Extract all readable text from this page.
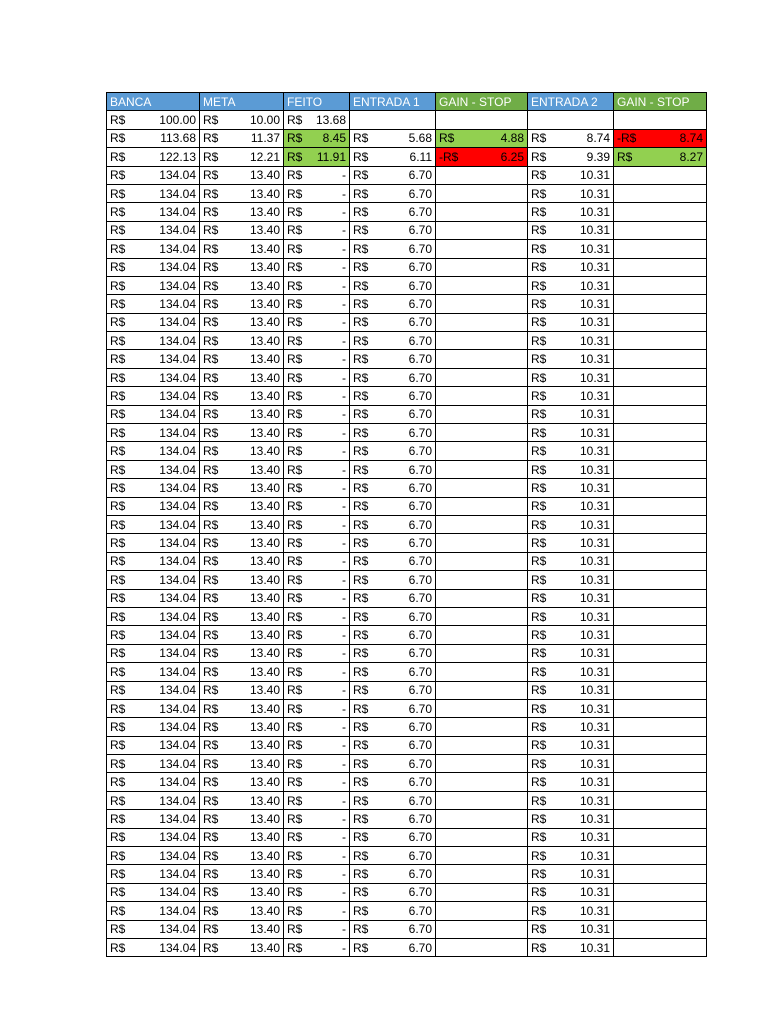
BANCA	META	FEITO	ENTRADA 1	GAIN - STOP	ENTRADA 2	GAIN - STOP

R$ 100.00	R$ 10.00	R$ 13.68				

R$ 113.68	R$ 11.37	R$ 8.45	R$ 5.68	R$ 4.88	R$ 8.74	-R$ 8.74

R$ 122.13	R$ 12.21	R$ 11.91	R$ 6.11	-R$ 6.25	R$ 9.39	R$ 8.27

R$ 134.04	R$ 13.40	R$ -	R$ 6.70		R$ 10.31	

R$ 134.04	R$ 13.40	R$ -	R$ 6.70		R$ 10.31	

R$ 134.04	R$ 13.40	R$ -	R$ 6.70		R$ 10.31	

R$ 134.04	R$ 13.40	R$ -	R$ 6.70		R$ 10.31	

R$ 134.04	R$ 13.40	R$ -	R$ 6.70		R$ 10.31	

R$ 134.04	R$ 13.40	R$ -	R$ 6.70		R$ 10.31	

R$ 134.04	R$ 13.40	R$ -	R$ 6.70		R$ 10.31	

R$ 134.04	R$ 13.40	R$ -	R$ 6.70		R$ 10.31	

R$ 134.04	R$ 13.40	R$ -	R$ 6.70		R$ 10.31	

R$ 134.04	R$ 13.40	R$ -	R$ 6.70		R$ 10.31	

R$ 134.04	R$ 13.40	R$ -	R$ 6.70		R$ 10.31	

R$ 134.04	R$ 13.40	R$ -	R$ 6.70		R$ 10.31	

R$ 134.04	R$ 13.40	R$ -	R$ 6.70		R$ 10.31	

R$ 134.04	R$ 13.40	R$ -	R$ 6.70		R$ 10.31	

R$ 134.04	R$ 13.40	R$ -	R$ 6.70		R$ 10.31	

R$ 134.04	R$ 13.40	R$ -	R$ 6.70		R$ 10.31	

R$ 134.04	R$ 13.40	R$ -	R$ 6.70		R$ 10.31	

R$ 134.04	R$ 13.40	R$ -	R$ 6.70		R$ 10.31	

R$ 134.04	R$ 13.40	R$ -	R$ 6.70		R$ 10.31	

R$ 134.04	R$ 13.40	R$ -	R$ 6.70		R$ 10.31	

R$ 134.04	R$ 13.40	R$ -	R$ 6.70		R$ 10.31	

R$ 134.04	R$ 13.40	R$ -	R$ 6.70		R$ 10.31	

R$ 134.04	R$ 13.40	R$ -	R$ 6.70		R$ 10.31	

R$ 134.04	R$ 13.40	R$ -	R$ 6.70		R$ 10.31	

R$ 134.04	R$ 13.40	R$ -	R$ 6.70		R$ 10.31	

R$ 134.04	R$ 13.40	R$ -	R$ 6.70		R$ 10.31	

R$ 134.04	R$ 13.40	R$ -	R$ 6.70		R$ 10.31	

R$ 134.04	R$ 13.40	R$ -	R$ 6.70		R$ 10.31	

R$ 134.04	R$ 13.40	R$ -	R$ 6.70		R$ 10.31	

R$ 134.04	R$ 13.40	R$ -	R$ 6.70		R$ 10.31	

R$ 134.04	R$ 13.40	R$ -	R$ 6.70		R$ 10.31	

R$ 134.04	R$ 13.40	R$ -	R$ 6.70		R$ 10.31	

R$ 134.04	R$ 13.40	R$ -	R$ 6.70		R$ 10.31	

R$ 134.04	R$ 13.40	R$ -	R$ 6.70		R$ 10.31	

R$ 134.04	R$ 13.40	R$ -	R$ 6.70		R$ 10.31	

R$ 134.04	R$ 13.40	R$ -	R$ 6.70		R$ 10.31	

R$ 134.04	R$ 13.40	R$ -	R$ 6.70		R$ 10.31	

R$ 134.04	R$ 13.40	R$ -	R$ 6.70		R$ 10.31	

R$ 134.04	R$ 13.40	R$ -	R$ 6.70		R$ 10.31	

R$ 134.04	R$ 13.40	R$ -	R$ 6.70		R$ 10.31	

R$ 134.04	R$ 13.40	R$ -	R$ 6.70		R$ 10.31	

R$ 134.04	R$ 13.40	R$ -	R$ 6.70		R$ 10.31	

R$ 134.04	R$ 13.40	R$ -	R$ 6.70		R$ 10.31	
